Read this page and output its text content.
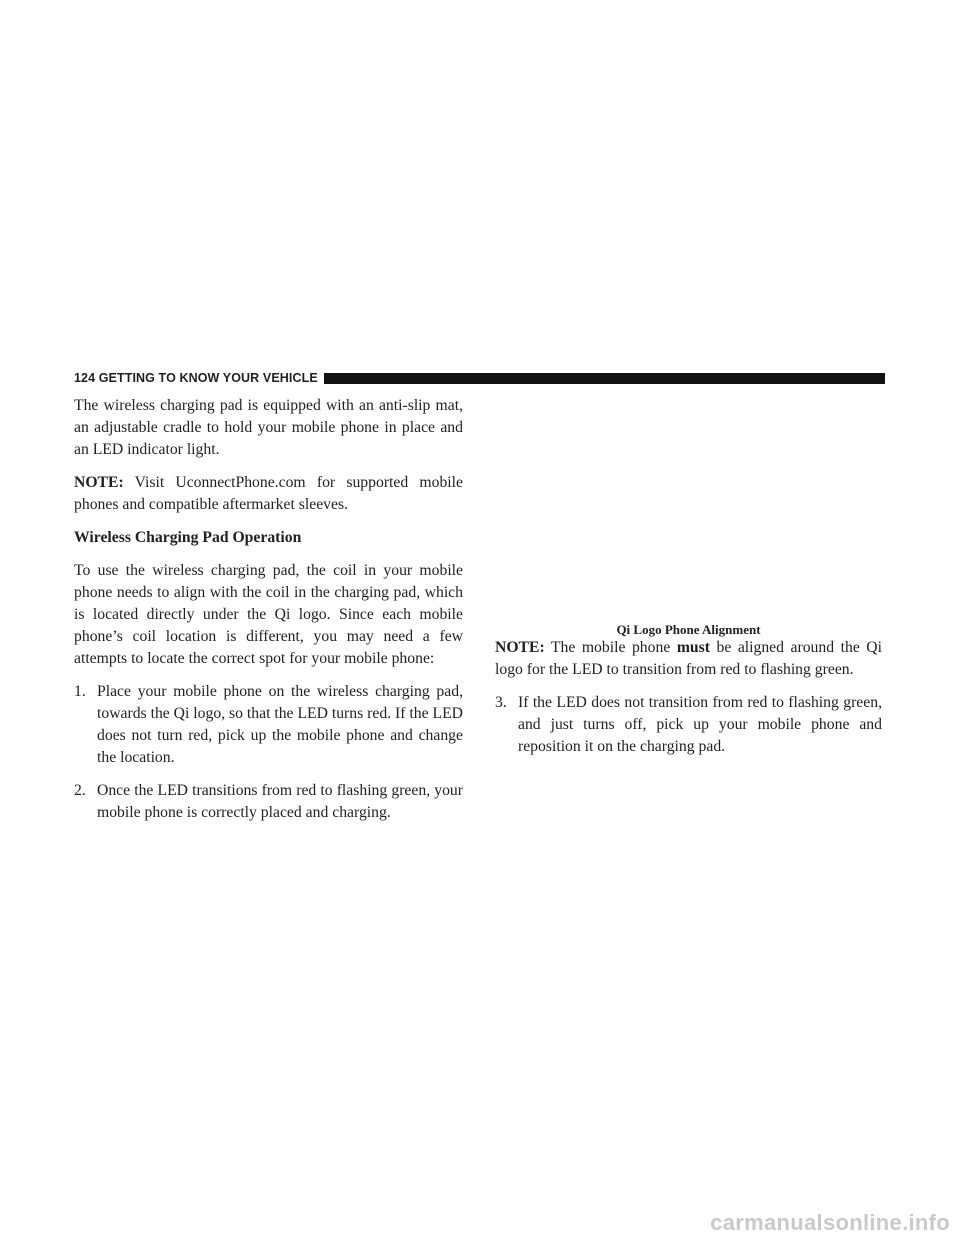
124
GETTING TO KNOW YOUR VEHICLE

The wireless charging pad is equipped with an anti-slip mat, an adjustable cradle to hold your mobile phone in place and an LED indicator light.

NOTE: Visit UconnectPhone.com for supported mobile phones and compatible aftermarket sleeves.

Wireless Charging Pad Operation

To use the wireless charging pad, the coil in your mobile phone needs to align with the coil in the charging pad, which is located directly under the Qi logo. Since each mobile phone’s coil location is different, you may need a few attempts to locate the correct spot for your mobile phone:

1. Place your mobile phone on the wireless charging pad, towards the Qi logo, so that the LED turns red. If the LED does not turn red, pick up the mobile phone and change the location.
2. Once the LED transitions from red to flashing green, your mobile phone is correctly placed and charging.
Qi Logo Phone Alignment

NOTE: The mobile phone must be aligned around the Qi logo for the LED to transition from red to flashing green.

3. If the LED does not transition from red to flashing green, and just turns off, pick up your mobile phone and reposition it on the charging pad.
carmanualsonline.info
